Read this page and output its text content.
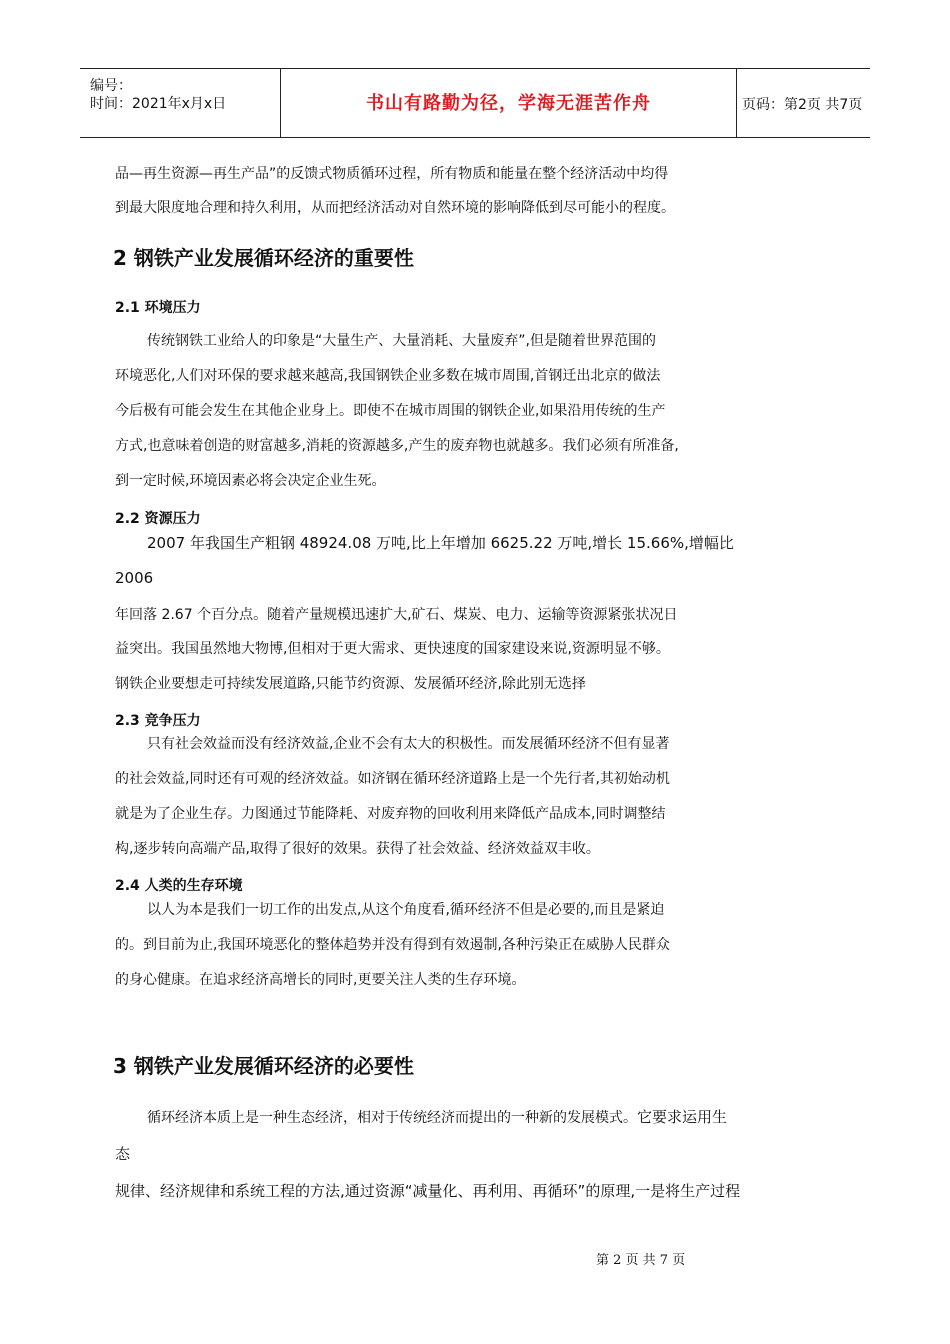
编号：
时间：2021年x月x日	书山有路勤为径，学海无涯苦作舟	页码：第2页 共7页
品—再生资源—再生产品”的反馈式物质循环过程，所有物质和能量在整个经济活动中均得
到最大限度地合理和持久利用，从而把经济活动对自然环境的影响降低到尽可能小的程度。
2 钢铁产业发展循环经济的重要性
2.1 环境压力
传统钢铁工业给人的印象是“大量生产、大量消耗、大量废弃”,但是随着世界范围的
环境恶化,人们对环保的要求越来越高,我国钢铁企业多数在城市周围,首钢迁出北京的做法
今后极有可能会发生在其他企业身上。即使不在城市周围的钢铁企业,如果沿用传统的生产
方式,也意味着创造的财富越多,消耗的资源越多,产生的废弃物也就越多。我们必须有所准备,
到一定时候,环境因素必将会决定企业生死。
2.2 资源压力
2007 年我国生产粗钢 48924.08 万吨,比上年增加 6625.22 万吨,增长 15.66%,增幅比
2006
年回落 2.67 个百分点。随着产量规模迅速扩大,矿石、煤炭、电力、运输等资源紧张状况日
益突出。我国虽然地大物博,但相对于更大需求、更快速度的国家建设来说,资源明显不够。
钢铁企业要想走可持续发展道路,只能节约资源、发展循环经济,除此别无选择
2.3 竞争压力
只有社会效益而没有经济效益,企业不会有太大的积极性。而发展循环经济不但有显著
的社会效益,同时还有可观的经济效益。如济钢在循环经济道路上是一个先行者,其初始动机
就是为了企业生存。力图通过节能降耗、对废弃物的回收利用来降低产品成本,同时调整结
构,逐步转向高端产品,取得了很好的效果。获得了社会效益、经济效益双丰收。
2.4 人类的生存环境
以人为本是我们一切工作的出发点,从这个角度看,循环经济不但是必要的,而且是紧迫
的。到目前为止,我国环境恶化的整体趋势并没有得到有效遏制,各种污染正在威胁人民群众
的身心健康。在追求经济高增长的同时,更要关注人类的生存环境。
3 钢铁产业发展循环经济的必要性
循环经济本质上是一种生态经济，相对于传统经济而提出的一种新的发展模式。它要求运用生
态
规律、经济规律和系统工程的方法,通过资源“减量化、再利用、再循环”的原理,一是将生产过程
第 2 页 共 7 页
